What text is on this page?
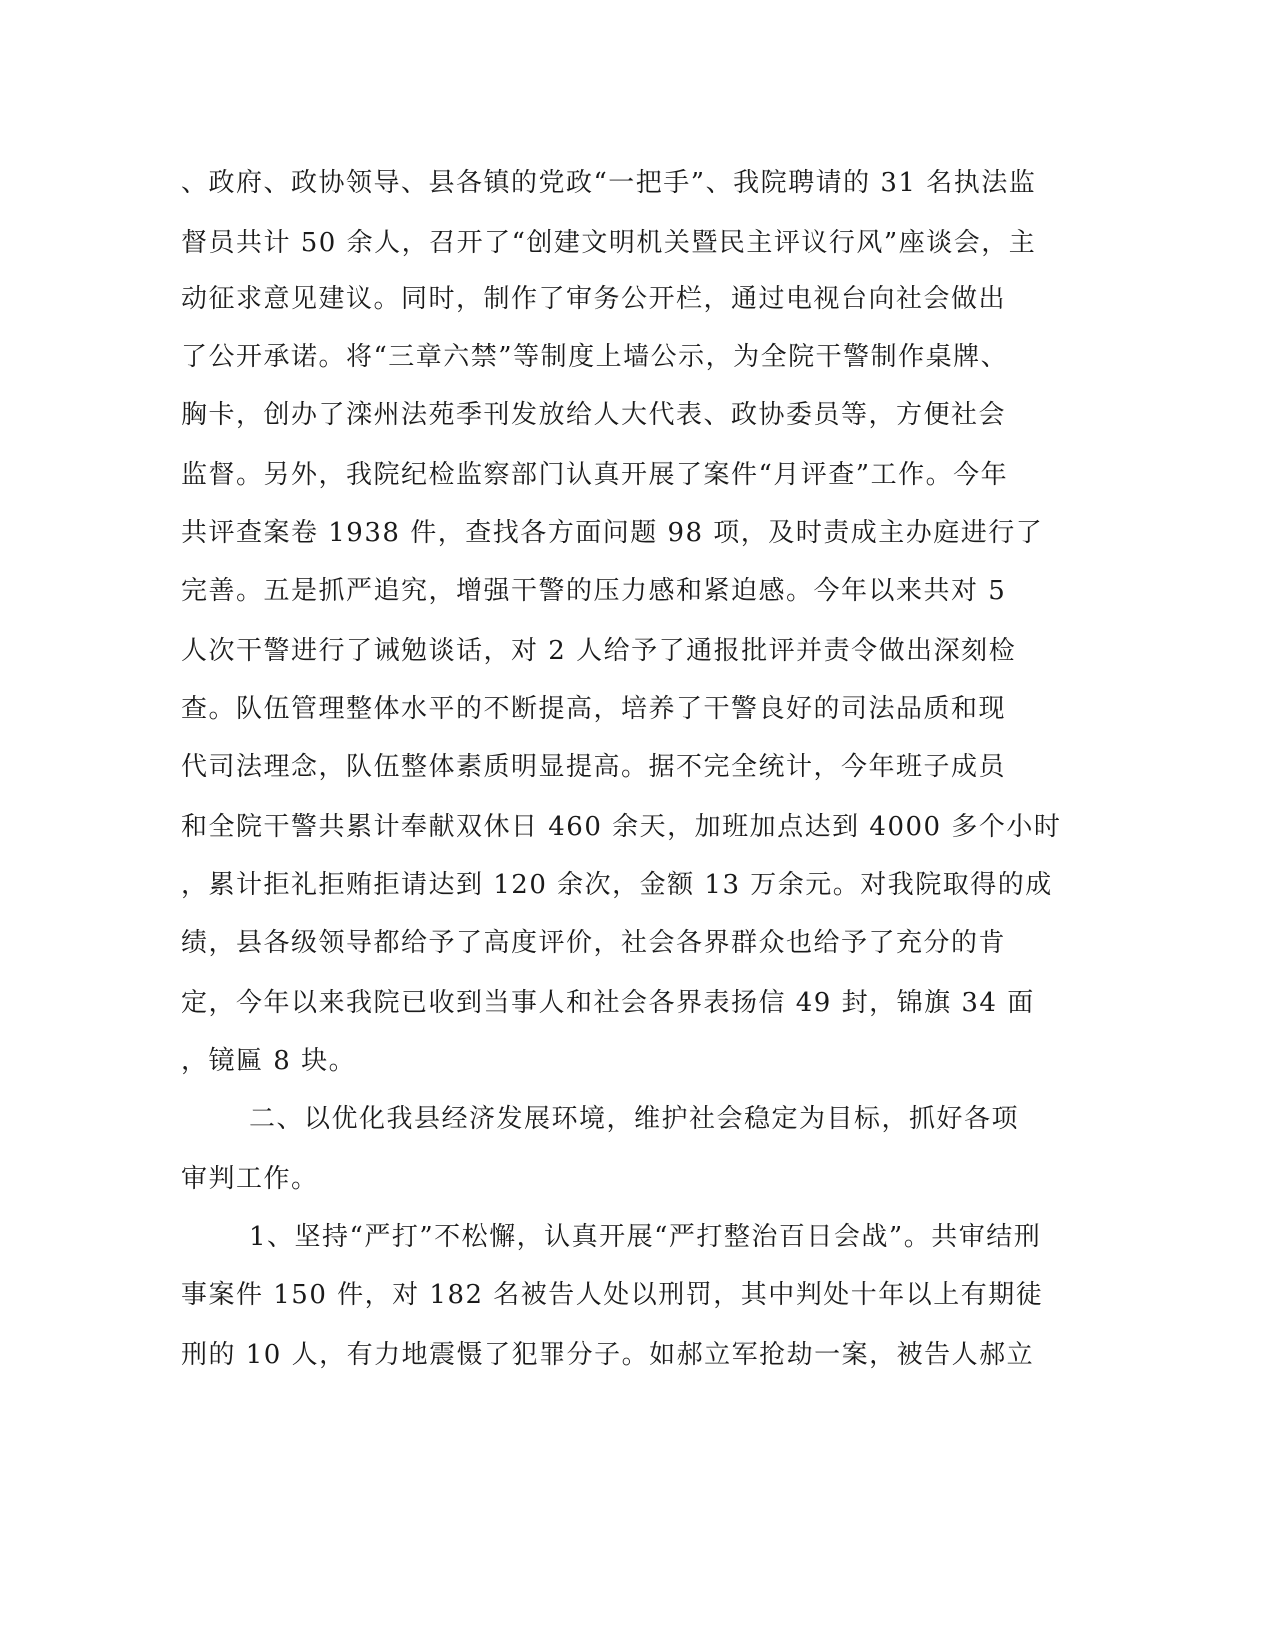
、政府、政协领导、县各镇的党政“一把手”、我院聘请的 31 名执法监
督员共计 50 余人，召开了“创建文明机关暨民主评议行风”座谈会，主
动征求意见建议。同时，制作了审务公开栏，通过电视台向社会做出
了公开承诺。将“三章六禁”等制度上墙公示，为全院干警制作桌牌、
胸卡，创办了滦州法苑季刊发放给人大代表、政协委员等，方便社会
监督。另外，我院纪检监察部门认真开展了案件“月评查”工作。今年
共评查案卷 1938 件，查找各方面问题 98 项，及时责成主办庭进行了
完善。五是抓严追究，增强干警的压力感和紧迫感。今年以来共对 5
人次干警进行了诫勉谈话，对 2 人给予了通报批评并责令做出深刻检
查。队伍管理整体水平的不断提高，培养了干警良好的司法品质和现
代司法理念，队伍整体素质明显提高。据不完全统计，今年班子成员
和全院干警共累计奉献双休日 460 余天，加班加点达到 4000 多个小时
，累计拒礼拒贿拒请达到 120 余次，金额 13 万余元。对我院取得的成
绩，县各级领导都给予了高度评价，社会各界群众也给予了充分的肯
定，今年以来我院已收到当事人和社会各界表扬信 49 封，锦旗 34 面
，镜匾 8 块。
二、以优化我县经济发展环境，维护社会稳定为目标，抓好各项
审判工作。
1、坚持“严打”不松懈，认真开展“严打整治百日会战”。共审结刑
事案件 150 件，对 182 名被告人处以刑罚，其中判处十年以上有期徒
刑的 10 人，有力地震慑了犯罪分子。如郝立军抢劫一案，被告人郝立
